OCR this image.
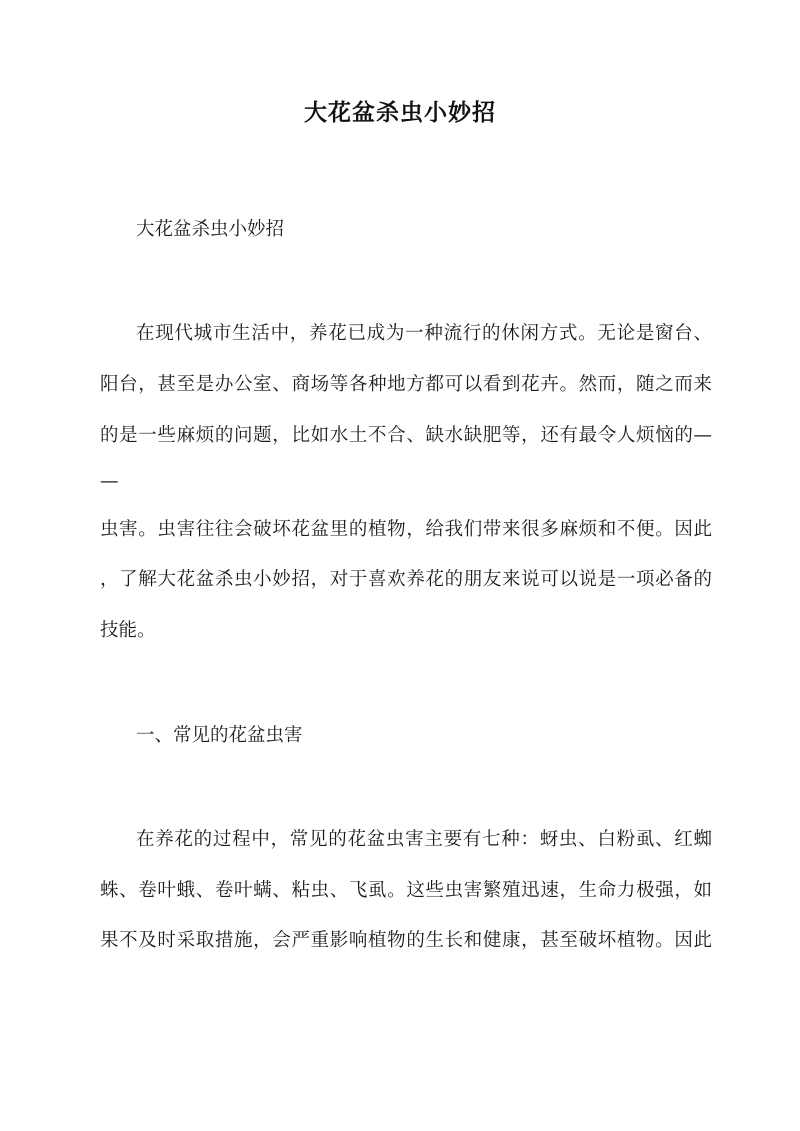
大花盆杀虫小妙招
大花盆杀虫小妙招
在现代城市生活中，养花已成为一种流行的休闲方式。无论是窗台、
阳台，甚至是办公室、商场等各种地方都可以看到花卉。然而，随之而来
的是一些麻烦的问题，比如水土不合、缺水缺肥等，还有最令人烦恼的—
—
虫害。虫害往往会破坏花盆里的植物，给我们带来很多麻烦和不便。因此
，了解大花盆杀虫小妙招，对于喜欢养花的朋友来说可以说是一项必备的
技能。
一、常见的花盆虫害
在养花的过程中，常见的花盆虫害主要有七种：蚜虫、白粉虱、红蜘
蛛、卷叶蛾、卷叶螨、粘虫、飞虱。这些虫害繁殖迅速，生命力极强，如
果不及时采取措施，会严重影响植物的生长和健康，甚至破坏植物。因此
